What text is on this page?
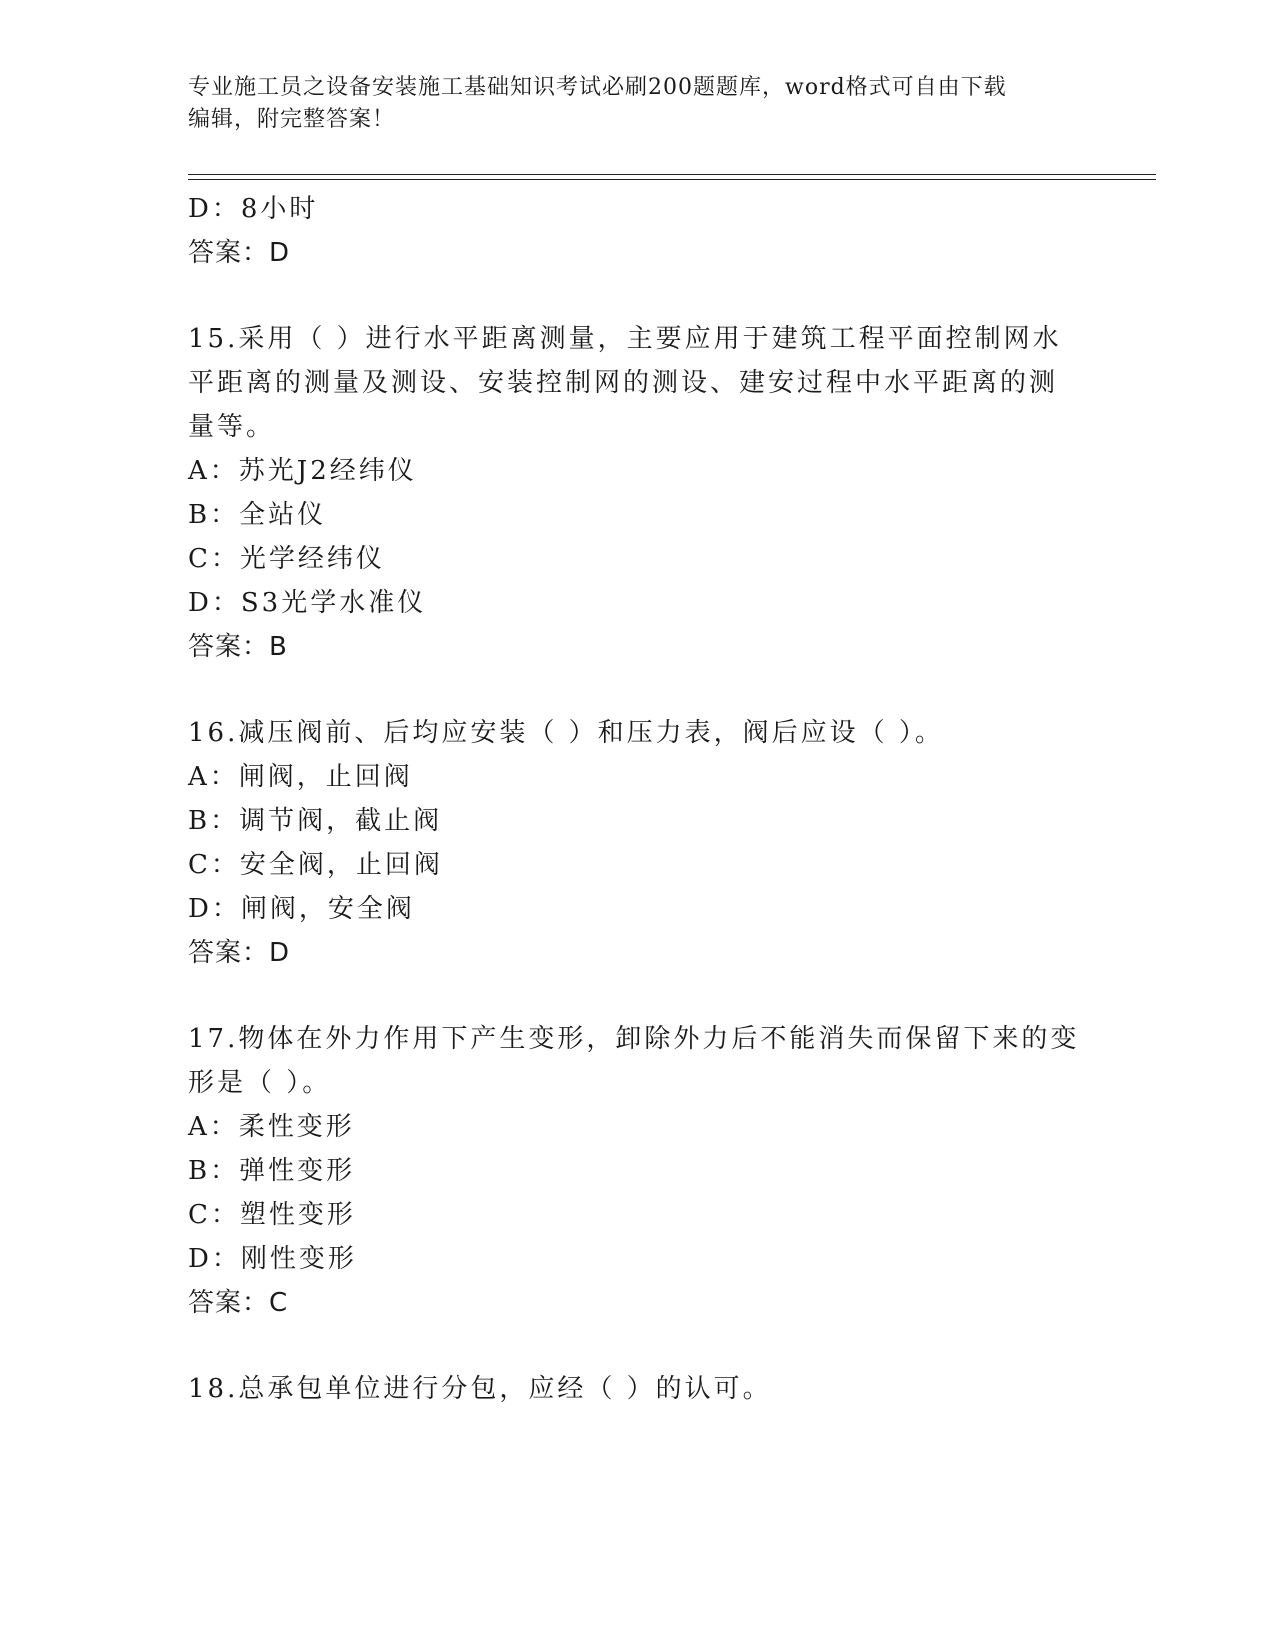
专业施工员之设备安装施工基础知识考试必刷200题题库，word格式可自由下载
编辑，附完整答案！
D：8小时
答案：D
15.采用（ ）进行水平距离测量，主要应用于建筑工程平面控制网水
平距离的测量及测设、安装控制网的测设、建安过程中水平距离的测
量等。
A：苏光J2经纬仪
B：全站仪
C：光学经纬仪
D：S3光学水准仪
答案：B
16.减压阀前、后均应安装（ ）和压力表，阀后应设（ ）。
A：闸阀，止回阀
B：调节阀，截止阀
C：安全阀，止回阀
D：闸阀，安全阀
答案：D
17.物体在外力作用下产生变形，卸除外力后不能消失而保留下来的变
形是（ ）。
A：柔性变形
B：弹性变形
C：塑性变形
D：刚性变形
答案：C
18.总承包单位进行分包，应经（ ）的认可。
